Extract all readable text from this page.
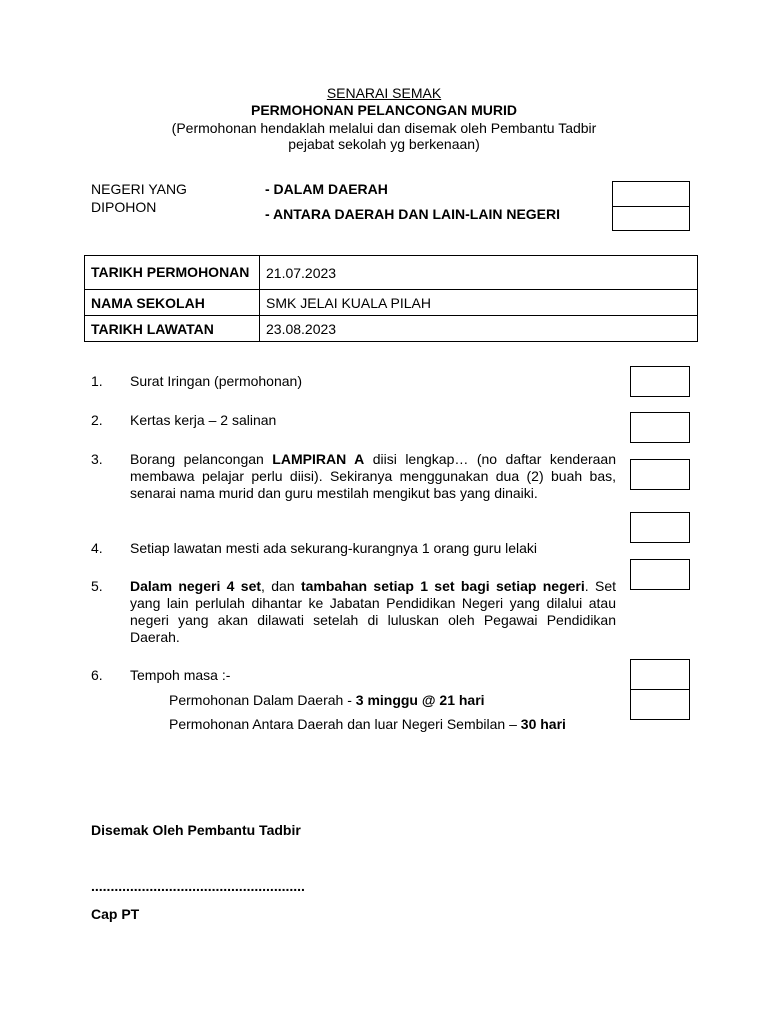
SENARAI SEMAK
PERMOHONAN PELANCONGAN MURID
(Permohonan hendaklah melalui dan disemak oleh Pembantu Tadbir
pejabat sekolah yg berkenaan)
NEGERI YANG
DIPOHON
- DALAM DAERAH
- ANTARA DAERAH DAN LAIN-LAIN NEGERI
TARIKH PERMOHONAN	21.07.2023
NAMA SEKOLAH	SMK JELAI KUALA PILAH
TARIKH LAWATAN	23.08.2023
1. Surat Iringan (permohonan)
2. Kertas kerja – 2 salinan
3. Borang pelancongan LAMPIRAN A diisi lengkap… (no daftar kenderaan membawa pelajar perlu diisi). Sekiranya menggunakan dua (2) buah bas, senarai nama murid dan guru mestilah mengikut bas yang dinaiki.
4. Setiap lawatan mesti ada sekurang-kurangnya 1 orang guru lelaki
5. Dalam negeri 4 set, dan tambahan setiap 1 set bagi setiap negeri. Set yang lain perlulah dihantar ke Jabatan Pendidikan Negeri yang dilalui atau negeri yang akan dilawati setelah di luluskan oleh Pegawai Pendidikan Daerah.
6. Tempoh masa :-
Permohonan Dalam Daerah - 3 minggu @ 21 hari
Permohonan Antara Daerah dan luar Negeri Sembilan – 30 hari
Disemak Oleh Pembantu Tadbir
.......................................................
Cap PT
